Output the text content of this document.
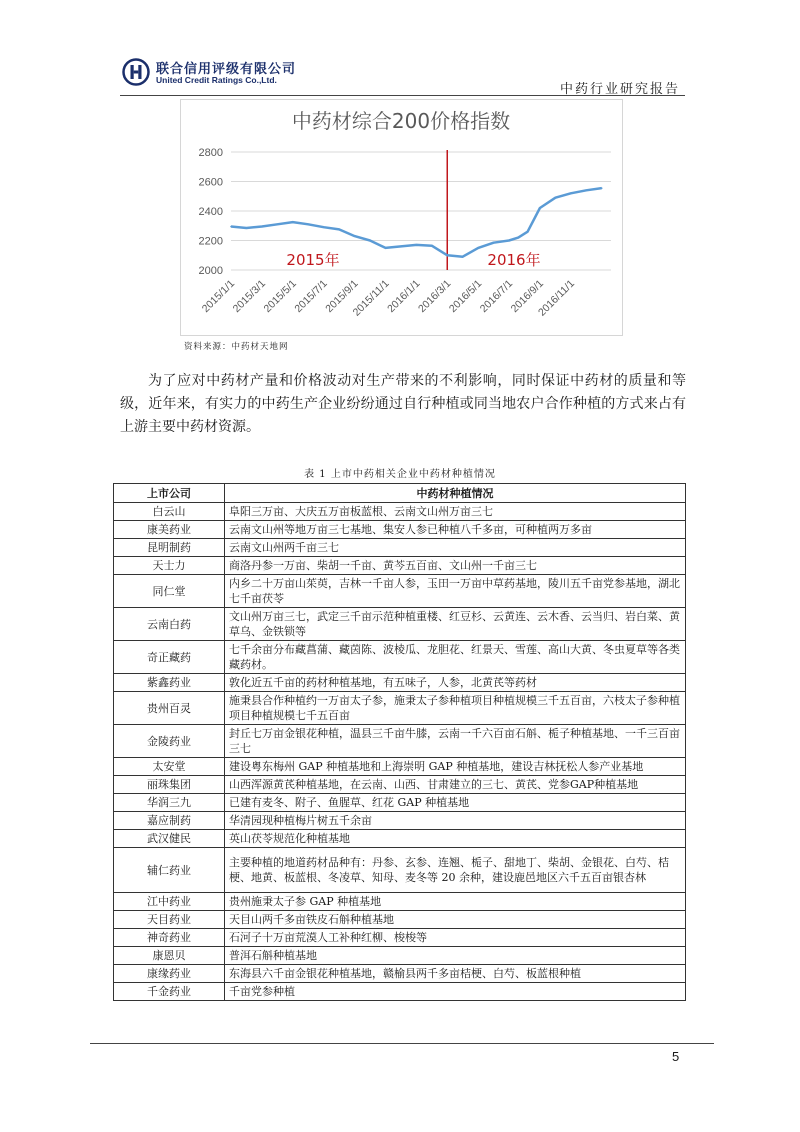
联合信用评级有限公司
United Credit Ratings Co.,Ltd.
中药行业研究报告
中药材综合200价格指数
2000
2200
2400
2600
2800
2015/1/1
2015/3/1
2015/5/1
2015/7/1
2015/9/1
2015/11/1
2016/1/1
2016/3/1
2016/5/1
2016/7/1
2016/9/1
2016/11/1
2015年	2016年
资料来源：中药材天地网

为了应对中药材产量和价格波动对生产带来的不利影响，同时保证中药材的质量和等级，近年来，有实力的中药生产企业纷纷通过自行种植或同当地农户合作种植的方式来占有上游主要中药材资源。

表 1 上市中药相关企业中药材种植情况
上市公司	中药材种植情况
白云山	阜阳三万亩、大庆五万亩板蓝根、云南文山州万亩三七
康美药业	云南文山州等地万亩三七基地、集安人参已种植八千多亩，可种植两万多亩
昆明制药	云南文山州两千亩三七
天士力	商洛丹参一万亩、柴胡一千亩、黄芩五百亩、文山州一千亩三七
同仁堂	内乡二十万亩山茱萸，吉林一千亩人参，玉田一万亩中草药基地，陵川五千亩党参基地，湖北七千亩茯苓
云南白药	文山州万亩三七，武定三千亩示范种植重楼、红豆杉、云黄连、云木香、云当归、岩白菜、黄草乌、金铁锁等
奇正藏药	七千余亩分布藏菖蒲、藏茵陈、波棱瓜、龙胆花、红景天、雪莲、高山大黄、冬虫夏草等各类藏药材。
紫鑫药业	敦化近五千亩的药材种植基地，有五味子，人参，北黄芪等药材
贵州百灵	施秉县合作种植约一万亩太子参，施秉太子参种植项目种植规模三千五百亩，六枝太子参种植项目种植规模七千五百亩
金陵药业	封丘七万亩金银花种植，温县三千亩牛膝，云南一千六百亩石斛、栀子种植基地、一千三百亩三七
太安堂	建设粤东梅州 GAP 种植基地和上海崇明 GAP 种植基地，建设吉林抚松人参产业基地
丽珠集团	山西浑源黄芪种植基地，在云南、山西、甘肃建立的三七、黄芪、党参GAP种植基地
华润三九	已建有麦冬、附子、鱼腥草、红花 GAP 种植基地
嘉应制药	华清园现种植梅片树五千余亩
武汉健民	英山茯苓规范化种植基地
辅仁药业	主要种植的地道药材品种有：丹参、玄参、连翘、栀子、甜地丁、柴胡、金银花、白芍、桔梗、地黄、板蓝根、冬凌草、知母、麦冬等 20 余种，建设鹿邑地区六千五百亩银杏林
江中药业	贵州施秉太子参 GAP 种植基地
天目药业	天目山两千多亩铁皮石斛种植基地
神奇药业	石河子十万亩荒漠人工补种红柳、梭梭等
康恩贝	普洱石斛种植基地
康缘药业	东海县六千亩金银花种植基地，赣榆县两千多亩桔梗、白芍、板蓝根种植
千金药业	千亩党参种植
5
